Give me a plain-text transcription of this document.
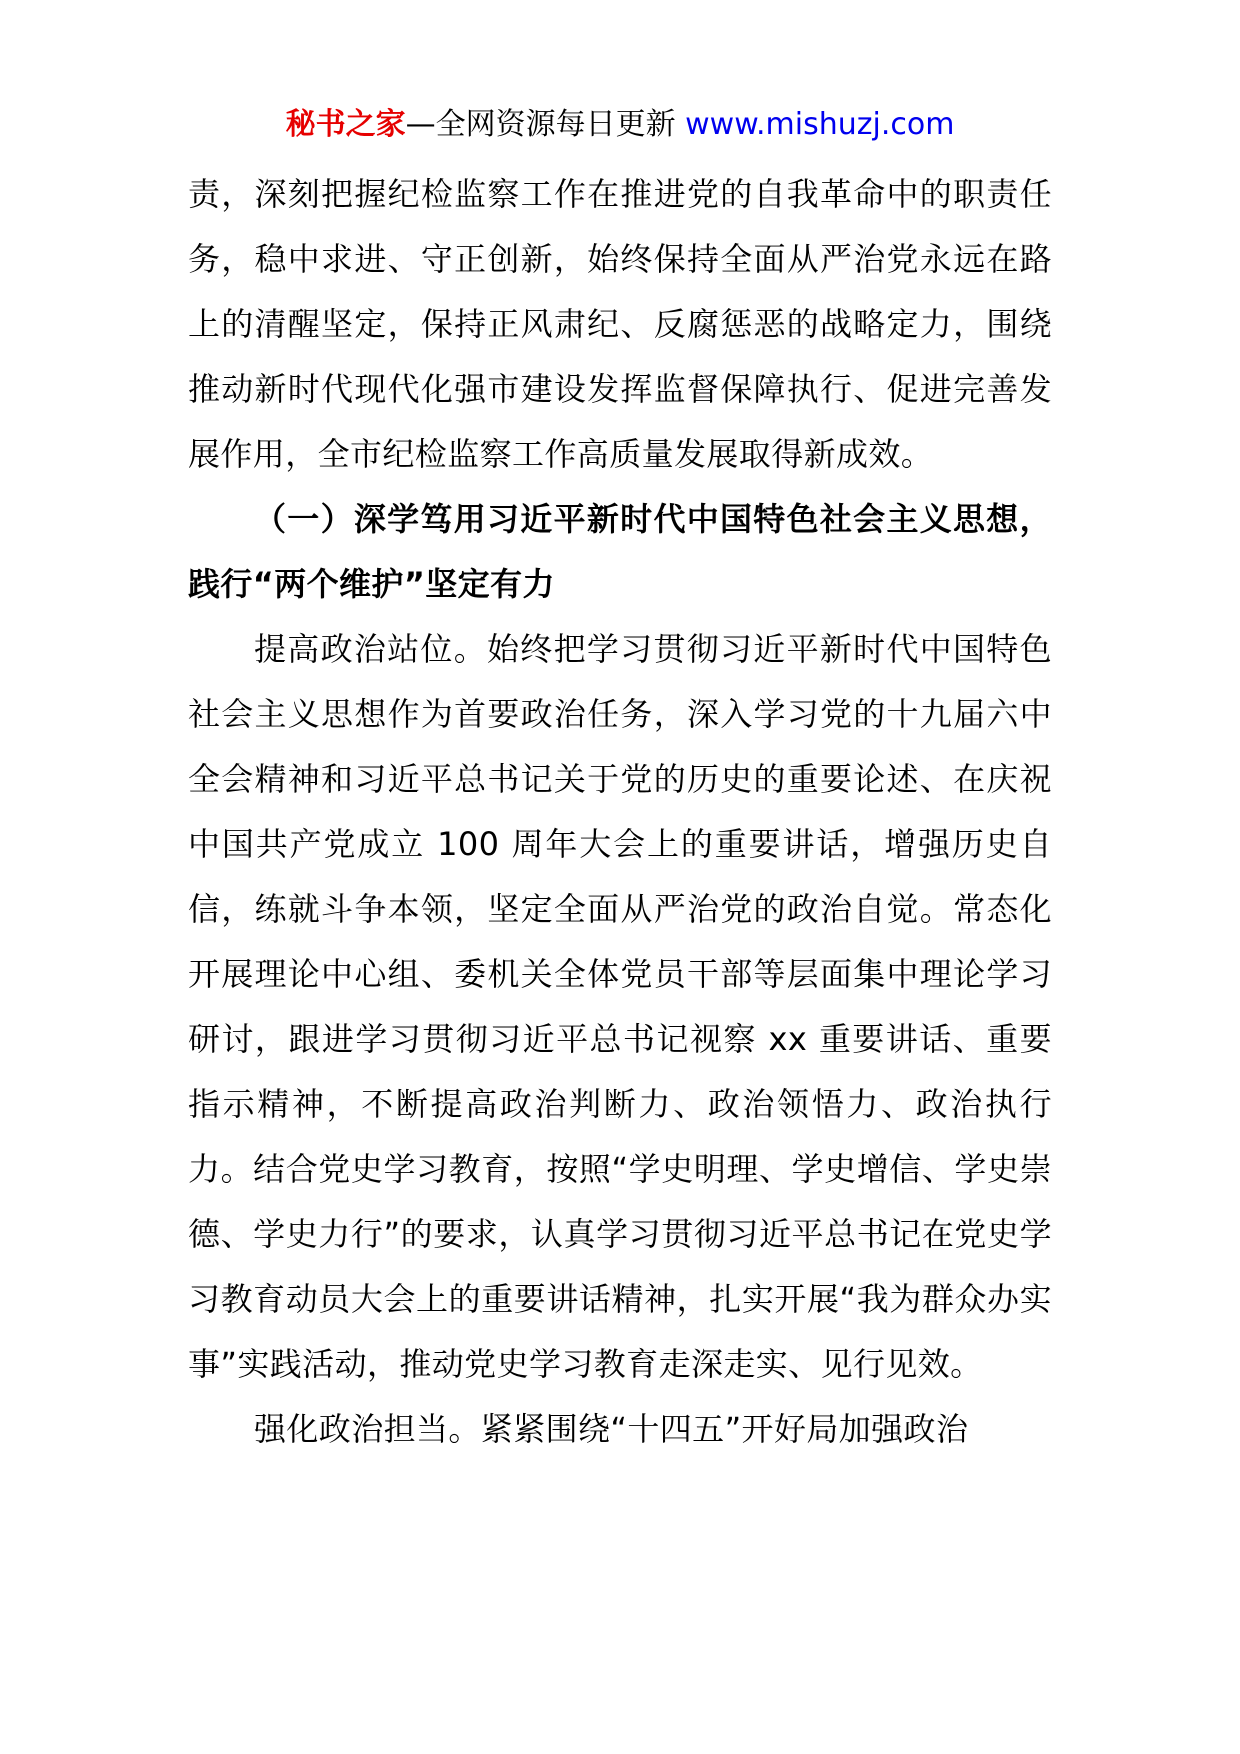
秘书之家—全网资源每日更新 www.mishuzj.com

责，深刻把握纪检监察工作在推进党的自我革命中的职责任务，稳中求进、守正创新，始终保持全面从严治党永远在路上的清醒坚定，保持正风肃纪、反腐惩恶的战略定力，围绕推动新时代现代化强市建设发挥监督保障执行、促进完善发展作用，全市纪检监察工作高质量发展取得新成效。

（一）深学笃用习近平新时代中国特色社会主义思想，践行“两个维护”坚定有力

提高政治站位。始终把学习贯彻习近平新时代中国特色社会主义思想作为首要政治任务，深入学习党的十九届六中全会精神和习近平总书记关于党的历史的重要论述、在庆祝中国共产党成立 100 周年大会上的重要讲话，增强历史自信，练就斗争本领，坚定全面从严治党的政治自觉。常态化开展理论中心组、委机关全体党员干部等层面集中理论学习研讨，跟进学习贯彻习近平总书记视察 xx 重要讲话、重要指示精神，不断提高政治判断力、政治领悟力、政治执行力。结合党史学习教育，按照“学史明理、学史增信、学史崇德、学史力行”的要求，认真学习贯彻习近平总书记在党史学习教育动员大会上的重要讲话精神，扎实开展“我为群众办实事”实践活动，推动党史学习教育走深走实、见行见效。

强化政治担当。紧紧围绕“十四五”开好局加强政治
